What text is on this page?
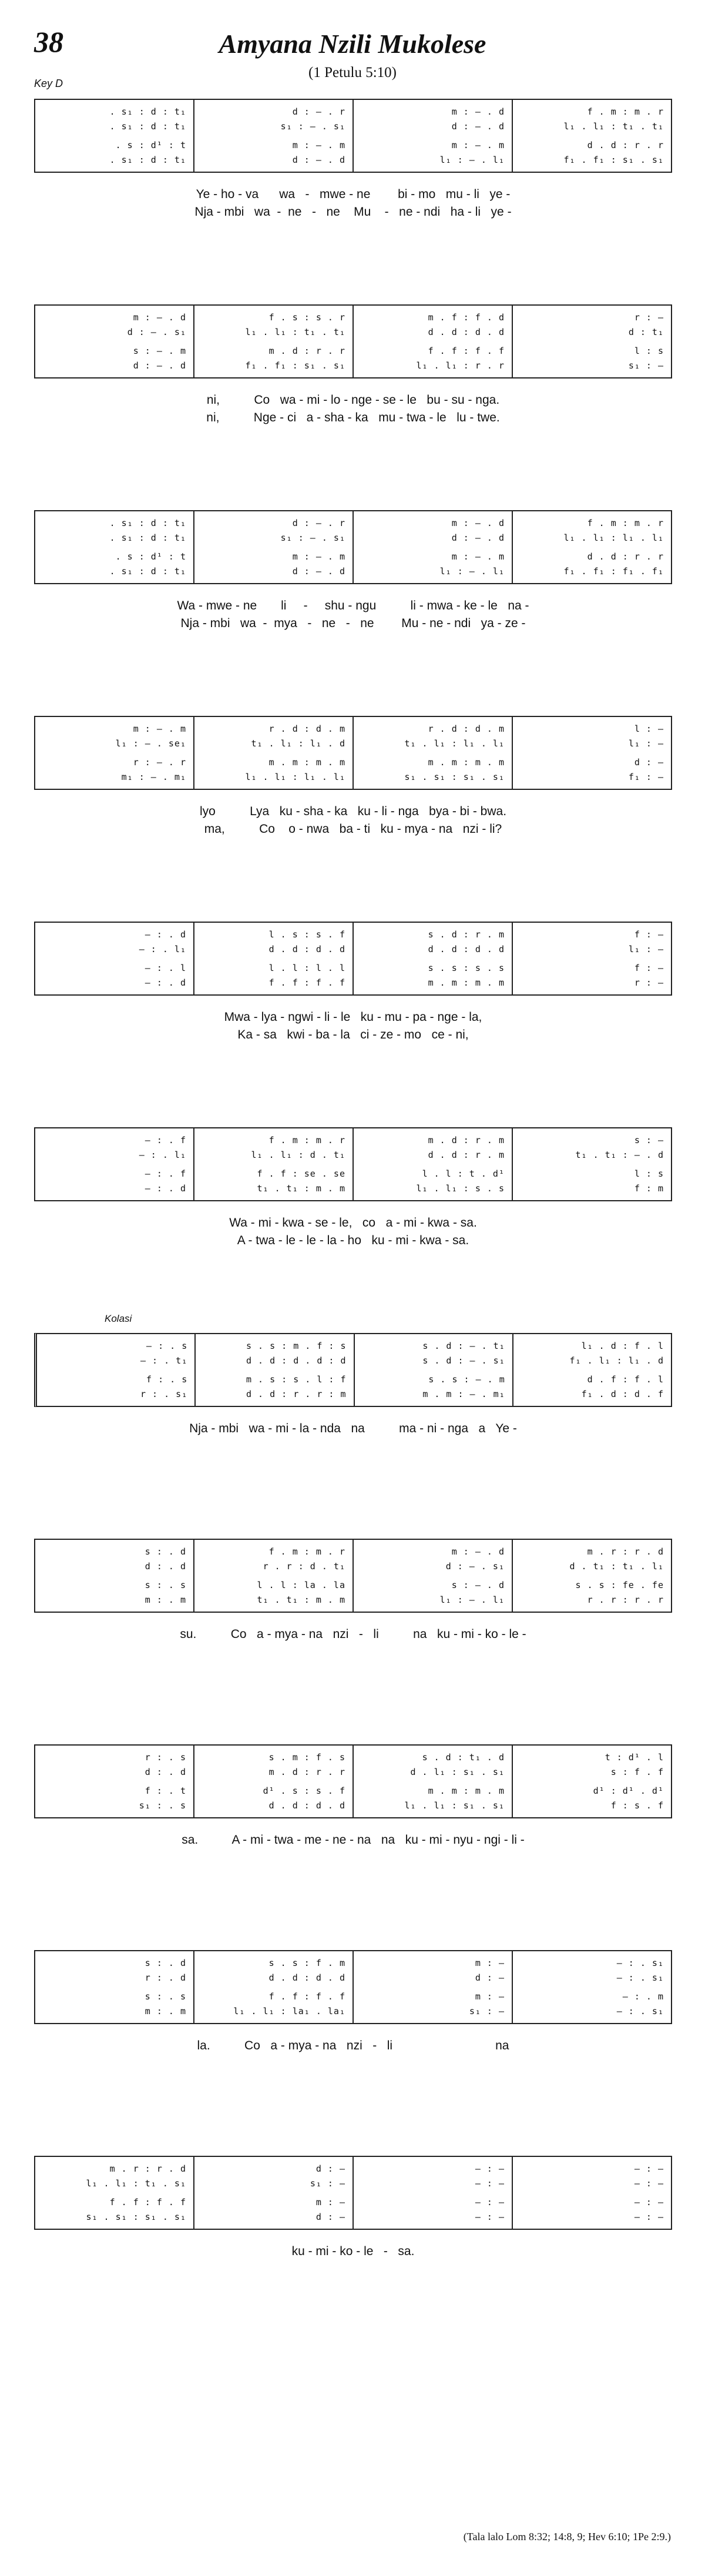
38	Amyana Nzili Mukolese
(1 Petulu 5:10)
Key D
. s₁ : d : t₁
. s₁ : d : t₁
. s : d¹ : t
. s₁ : d : t₁
d : – . r
s₁ : – . s₁
m : – . m
d : – . d
m : – . d
d : – . d
m : – . m
l₁ : – . l₁
f . m : m . r
l₁ . l₁ : t₁ . t₁
d . d : r . r
f₁ . f₁ : s₁ . s₁
Ye - ho - va      wa   -   mwe - ne        bi - mo   mu - li   ye -
Nja - mbi   wa  -  ne   -   ne    Mu    -   ne - ndi   ha - li   ye -
m : – . d
d : – . s₁
s : – . m
d : – . d
f . s : s . r
l₁ . l₁ : t₁ . t₁
m . d : r . r
f₁ . f₁ : s₁ . s₁
m . f : f . d
d . d : d . d
f . f : f . f
l₁ . l₁ : r . r
r : —
d : t₁
l : s
s₁ : —
ni,          Co   wa - mi - lo - nge - se - le   bu - su - nga.
ni,          Nge - ci   a - sha - ka   mu - twa - le   lu - twe.
. s₁ : d : t₁
. s₁ : d : t₁
. s : d¹ : t
. s₁ : d : t₁
d : – . r
s₁ : – . s₁
m : – . m
d : – . d
m : – . d
d : – . d
m : – . m
l₁ : – . l₁
f . m : m . r
l₁ . l₁ : l₁ . l₁
d . d : r . r
f₁ . f₁ : f₁ . f₁
Wa - mwe - ne       li     -     shu - ngu          li - mwa - ke - le   na -
Nja - mbi   wa  -  mya   -   ne   -   ne        Mu - ne - ndi   ya - ze -
m : – . m
l₁ : – . se₁
r : – . r
m₁ : – . m₁
r . d : d . m
t₁ . l₁ : l₁ . d
m . m : m . m
l₁ . l₁ : l₁ . l₁
r . d : d . m
t₁ . l₁ : l₁ . l₁
m . m : m . m
s₁ . s₁ : s₁ . s₁
l : —
l₁ : —
d : —
f₁ : —
lyo          Lya   ku - sha - ka   ku - li - nga   bya - bi - bwa.
ma,          Co    o - nwa   ba - ti   ku - mya - na   nzi - li?
— : . d
— : . l₁
— : . l
— : . d
l . s : s . f
d . d : d . d
l . l : l . l
f . f : f . f
s . d : r . m
d . d : d . d
s . s : s . s
m . m : m . m
f : —
l₁ : —
f : —
r : —
Mwa - lya - ngwi - li - le   ku - mu - pa - nge - la,
Ka - sa   kwi - ba - la   ci - ze - mo   ce - ni,
— : . f
— : . l₁
— : . f
— : . d
f . m : m . r
l₁ . l₁ : d . t₁
f . f : se . se
t₁ . t₁ : m . m
m . d : r . m
d . d : r . m
l . l : t . d¹
l₁ . l₁ : s . s
s : —
t₁ . t₁ : – . d
l : s
f : m
Wa - mi - kwa - se - le,   co   a - mi - kwa - sa.
A - twa - le - le - la - ho   ku - mi - kwa - sa.
Kolasi
— : . s
— : . t₁
f : . s
r : . s₁
s . s : m . f : s
d . d : d . d : d
m . s : s . l : f
d . d : r . r : m
s . d : – . t₁
s . d : – . s₁
s . s : – . m
m . m : – . m₁
l₁ . d : f . l
f₁ . l₁ : l₁ . d
d . f : f . l
f₁ . d : d . f
Nja - mbi   wa - mi - la - nda   na          ma - ni - nga   a   Ye -
s : . d
d : . d
s : . s
m : . m
f . m : m . r
r . r : d . t₁
l . l : la . la
t₁ . t₁ : m . m
m : – . d
d : – . s₁
s : – . d
l₁ : – . l₁
m . r : r . d
d . t₁ : t₁ . l₁
s . s : fe . fe
r . r : r . r
su.          Co   a - mya - na   nzi   -   li          na   ku - mi - ko - le -
r : . s
d : . d
f : . t
s₁ : . s
s . m : f . s
m . d : r . r
d¹ . s : s . f
d . d : d . d
s . d : t₁ . d
d . l₁ : s₁ . s₁
m . m : m . m
l₁ . l₁ : s₁ . s₁
t : d¹ . l
s : f . f
d¹ : d¹ . d¹
f : s . f
sa.          A - mi - twa - me - ne - na   na   ku - mi - nyu - ngi - li -
s : . d
r : . d
s : . s
m : . m
s . s : f . m
d . d : d . d
f . f : f . f
l₁ . l₁ : la₁ . la₁
m : —
d : —
m : —
s₁ : —
— : . s₁
— : . s₁
— : . m
— : . s₁
la.          Co   a - mya - na   nzi   -   li                              na
m . r : r . d
l₁ . l₁ : t₁ . s₁
f . f : f . f
s₁ . s₁ : s₁ . s₁
d : —
s₁ : —
m : —
d : —
— : —
— : —
— : —
— : —
— : —
— : —
— : —
— : —
ku - mi - ko - le   -   sa.
(Tala lalo Lom 8:32; 14:8, 9; Hev 6:10; 1Pe 2:9.)
